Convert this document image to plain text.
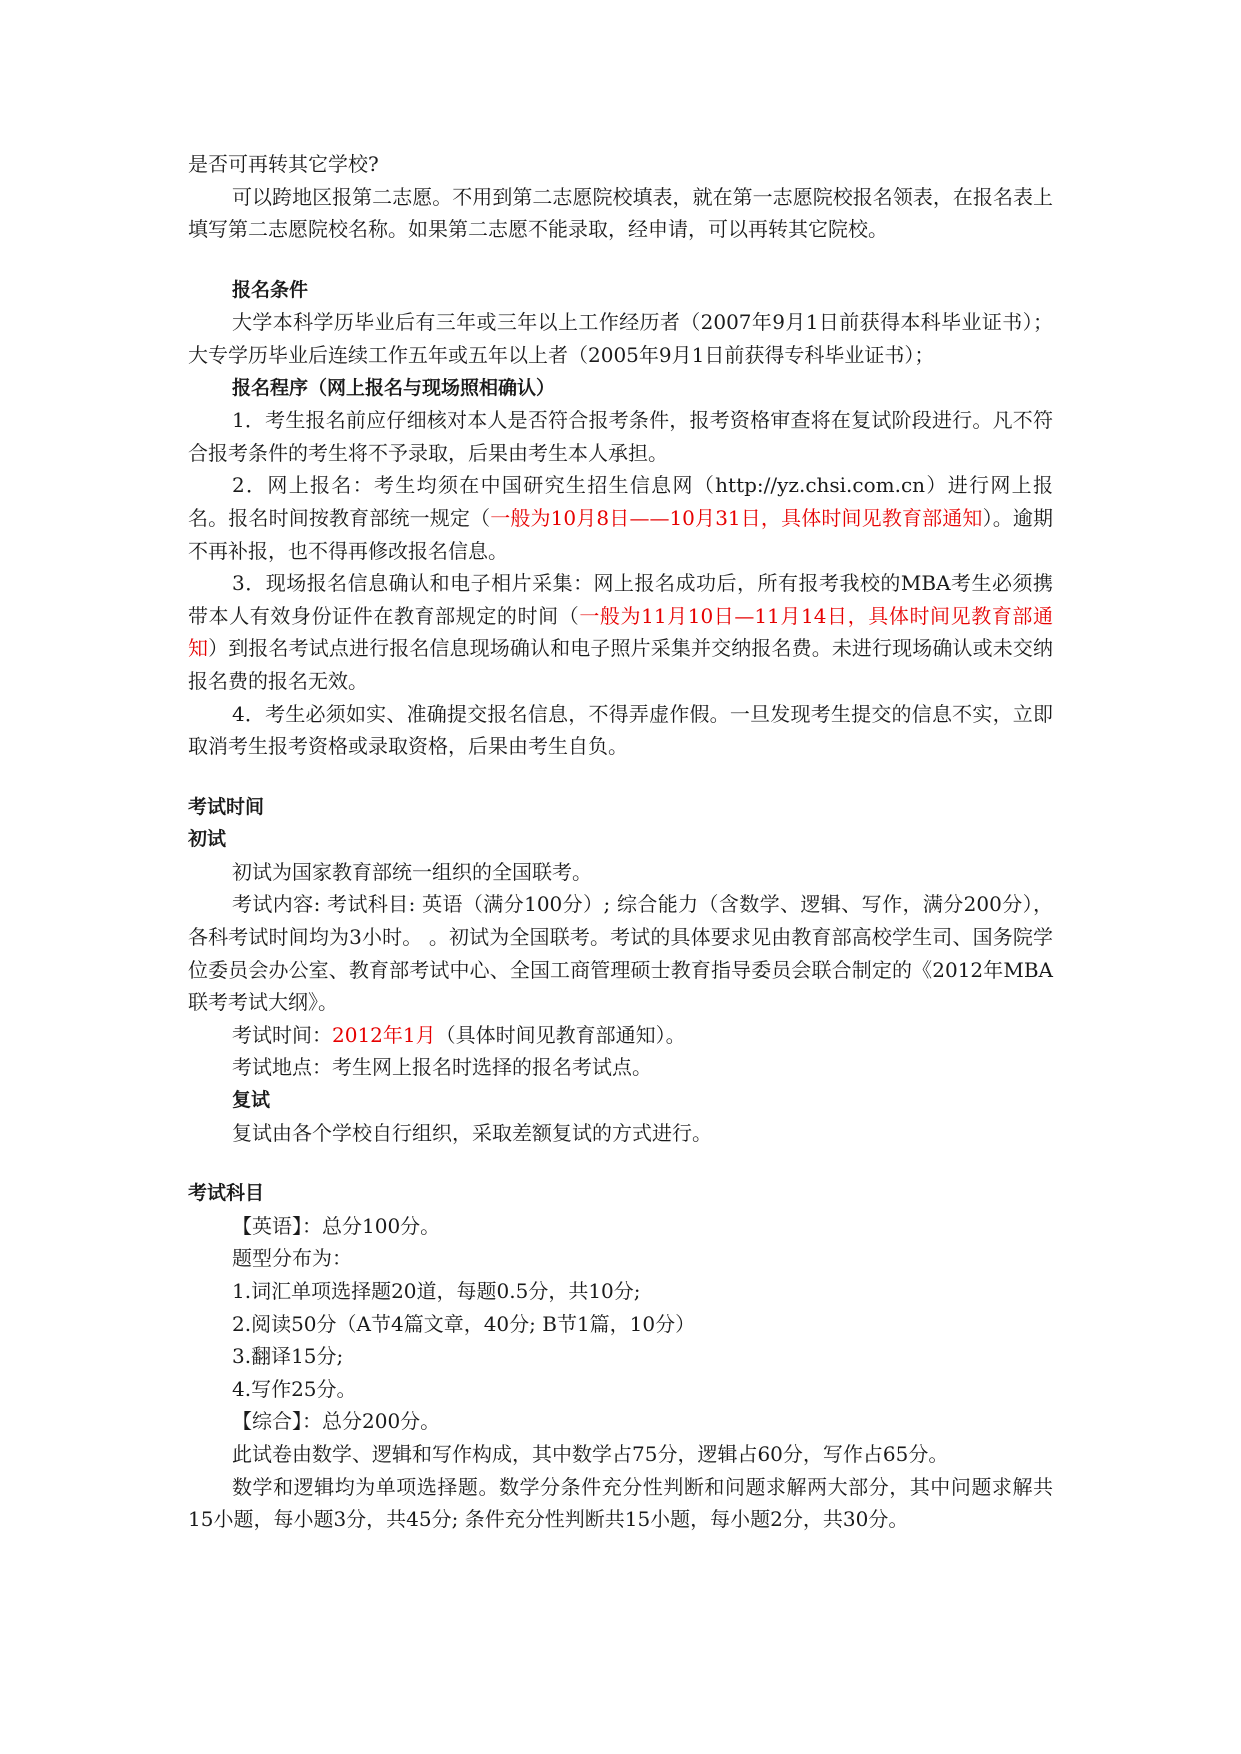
是否可再转其它学校?

可以跨地区报第二志愿。不用到第二志愿院校填表，就在第一志愿院校报名领表，在报名表上填写第二志愿院校名称。如果第二志愿不能录取，经申请，可以再转其它院校。

报名条件

大学本科学历毕业后有三年或三年以上工作经历者（2007年9月1日前获得本科毕业证书）；大专学历毕业后连续工作五年或五年以上者（2005年9月1日前获得专科毕业证书）；

报名程序（网上报名与现场照相确认）

1．考生报名前应仔细核对本人是否符合报考条件，报考资格审查将在复试阶段进行。凡不符合报考条件的考生将不予录取，后果由考生本人承担。

2．网上报名：考生均须在中国研究生招生信息网（http://yz.chsi.com.cn）进行网上报名。报名时间按教育部统一规定（一般为10月8日——10月31日，具体时间见教育部通知）。逾期不再补报，也不得再修改报名信息。

3．现场报名信息确认和电子相片采集：网上报名成功后，所有报考我校的MBA考生必须携带本人有效身份证件在教育部规定的时间（一般为11月10日—11月14日，具体时间见教育部通知）到报名考试点进行报名信息现场确认和电子照片采集并交纳报名费。未进行现场确认或未交纳报名费的报名无效。

4．考生必须如实、准确提交报名信息，不得弄虚作假。一旦发现考生提交的信息不实，立即取消考生报考资格或录取资格，后果由考生自负。

考试时间

初试

初试为国家教育部统一组织的全国联考。

考试内容: 考试科目: 英语（满分100分）; 综合能力（含数学、逻辑、写作，满分200分），各科考试时间均为3小时。 。初试为全国联考。考试的具体要求见由教育部高校学生司、国务院学位委员会办公室、教育部考试中心、全国工商管理硕士教育指导委员会联合制定的《2012年MBA联考考试大纲》。

考试时间：2012年1月（具体时间见教育部通知）。

考试地点：考生网上报名时选择的报名考试点。

复试

复试由各个学校自行组织，采取差额复试的方式进行。

考试科目

【英语】：总分100分。

题型分布为：

1.词汇单项选择题20道，每题0.5分，共10分;

2.阅读50分（A节4篇文章，40分; B节1篇，10分）

3.翻译15分;

4.写作25分。

【综合】：总分200分。

此试卷由数学、逻辑和写作构成，其中数学占75分，逻辑占60分，写作占65分。

数学和逻辑均为单项选择题。数学分条件充分性判断和问题求解两大部分，其中问题求解共15小题，每小题3分，共45分; 条件充分性判断共15小题，每小题2分，共30分。
